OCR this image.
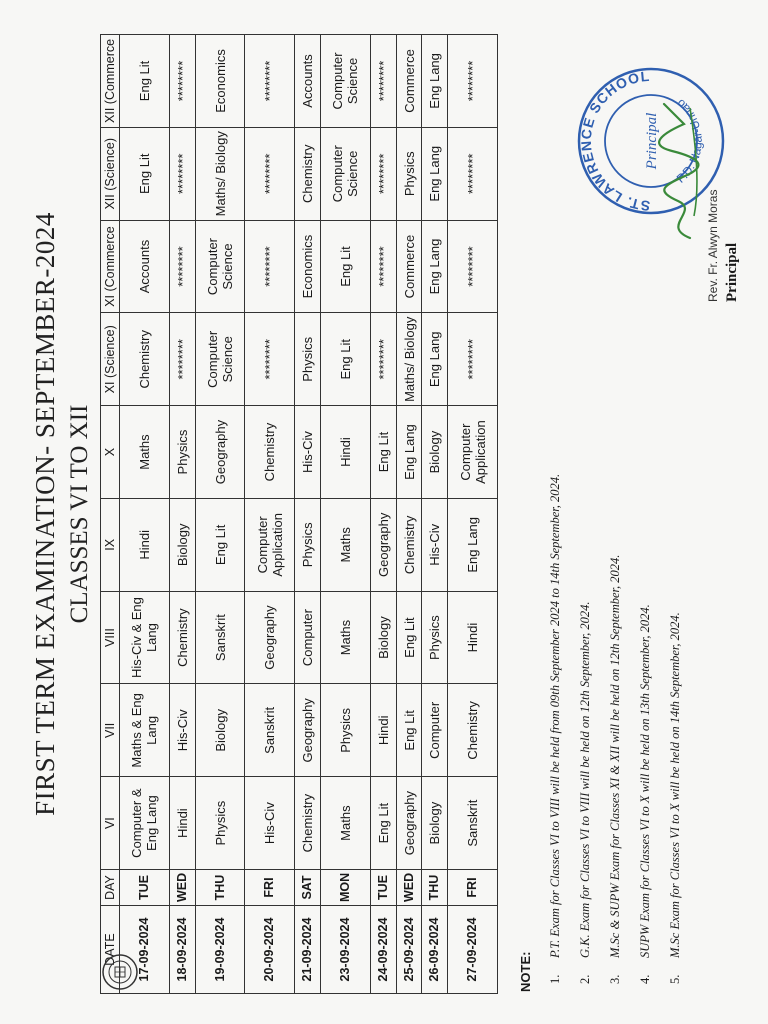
FIRST TERM EXAMINATION- SEPTEMBER-2024 CLASSES VI TO XII
DATE	DAY	VI	VII	VIII	IX	X	XI (Science)	XI (Commerce	XII (Science)	XII (Commerce
17-09-2024	TUE	Computer & Eng Lang	Maths & Eng Lang	His-Civ & Eng Lang	Hindi	Maths	Chemistry	Accounts	Eng Lit	Eng Lit
18-09-2024	WED	Hindi	His-Civ	Chemistry	Biology	Physics	********	********	********	********
19-09-2024	THU	Physics	Biology	Sanskrit	Eng Lit	Geography	Computer Science	Computer Science	Maths/ Biology	Economics
20-09-2024	FRI	His-Civ	Sanskrit	Geography	Computer Application	Chemistry	********	********	********	********
21-09-2024	SAT	Chemistry	Geography	Computer	Physics	His-Civ	Physics	Economics	Chemistry	Accounts
23-09-2024	MON	Maths	Physics	Maths	Maths	Hindi	Eng Lit	Eng Lit	Computer Science	Computer Science
24-09-2024	TUE	Eng Lit	Hindi	Biology	Geography	Eng Lit	********	********	********	********
25-09-2024	WED	Geography	Eng Lit	Eng Lit	Chemistry	Eng Lang	Maths/ Biology	Commerce	Physics	Commerce
26-09-2024	THU	Biology	Computer	Physics	His-Civ	Biology	Eng Lang	Eng Lang	Eng Lang	Eng Lang
27-09-2024	FRI	Sanskrit	Chemistry	Hindi	Eng Lang	Computer Application	********	********	********	********
NOTE: 1.P.T. Exam for Classes VI to VIII will be held from 09th September 2024 to 14th September, 2024.
2.G.K. Exam for Classes VI to VIII will be held on 12th September, 2024.
3.M.Sc & SUPW Exam for Classes XI & XII will be held on 12th September, 2024.
4.SUPW Exam for Classes VI to X will be held on 13th September, 2024.
5.M.Sc Exam for Classes VI to X will be held on 14th September, 2024.
ST. LAWRENCE SCHOOL
Principal
P.D. Nagar-Unnao
Rev. Fr. Alwyn Moras Principal
